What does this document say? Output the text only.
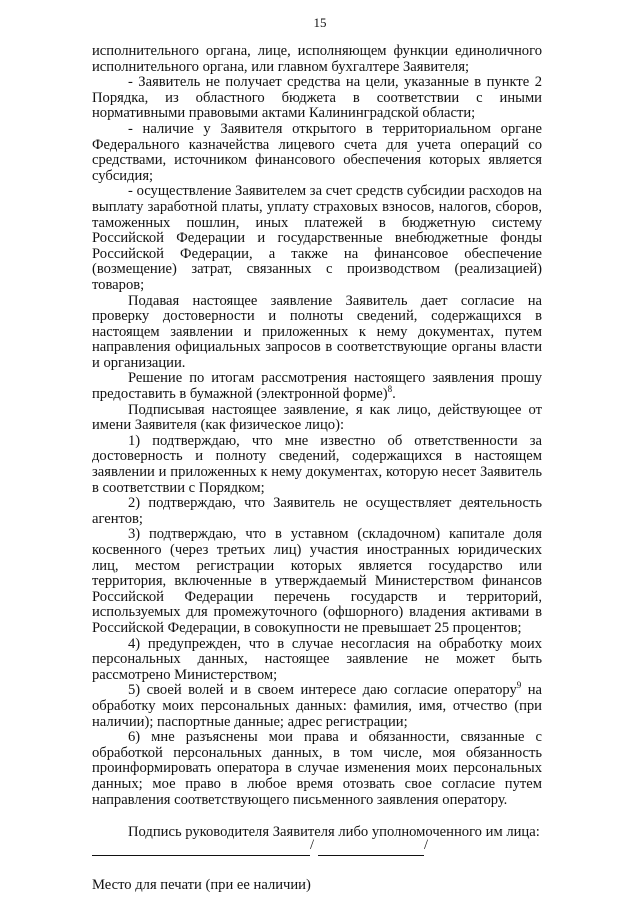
15

исполнительного органа, лице, исполняющем функции единоличного исполнительного органа, или главном бухгалтере Заявителя;

- Заявитель не получает средства на цели, указанные в пункте 2 Порядка, из областного бюджета в соответствии с иными нормативными правовыми актами Калининградской области;

- наличие у Заявителя открытого в территориальном органе Федерального казначейства лицевого счета для учета операций со средствами, источником финансового обеспечения которых является субсидия;

- осуществление Заявителем за счет средств субсидии расходов на выплату заработной платы, уплату страховых взносов, налогов, сборов, таможенных пошлин, иных платежей в бюджетную систему Российской Федерации и государственные внебюджетные фонды Российской Федерации, а также на финансовое обеспечение (возмещение) затрат, связанных с производством (реализацией) товаров;

Подавая настоящее заявление Заявитель дает согласие на проверку достоверности и полноты сведений, содержащихся в настоящем заявлении и приложенных к нему документах, путем направления официальных запросов в соответствующие органы власти и организации.

Решение по итогам рассмотрения настоящего заявления прошу предоставить в бумажной (электронной форме)$^8$.

Подписывая настоящее заявление, я как лицо, действующее от имени Заявителя (как физическое лицо):

1) подтверждаю, что мне известно об ответственности за достоверность и полноту сведений, содержащихся в настоящем заявлении и приложенных к нему документах, которую несет Заявитель в соответствии с Порядком;

2) подтверждаю, что Заявитель не осуществляет деятельность агентов;

3) подтверждаю, что в уставном (складочном) капитале доля косвенного (через третьих лиц) участия иностранных юридических лиц, местом регистрации которых является государство или территория, включенные в утверждаемый Министерством финансов Российской Федерации перечень государств и территорий, используемых для промежуточного (офшорного) владения активами в Российской Федерации, в совокупности не превышает 25 процентов;

4) предупрежден, что в случае несогласия на обработку моих персональных данных, настоящее заявление не может быть рассмотрено Министерством;

5) своей волей и в своем интересе даю согласие оператору$^9$ на обработку моих персональных данных: фамилия, имя, отчество (при наличии); паспортные данные; адрес регистрации;

6) мне разъяснены мои права и обязанности, связанные с обработкой персональных данных, в том числе, моя обязанность проинформировать оператора в случае изменения моих персональных данных; мое право в любое время отозвать свое согласие путем направления соответствующего письменного заявления оператору.

Подпись руководителя Заявителя либо уполномоченного им лица:

/	/

Место для печати (при ее наличии)
